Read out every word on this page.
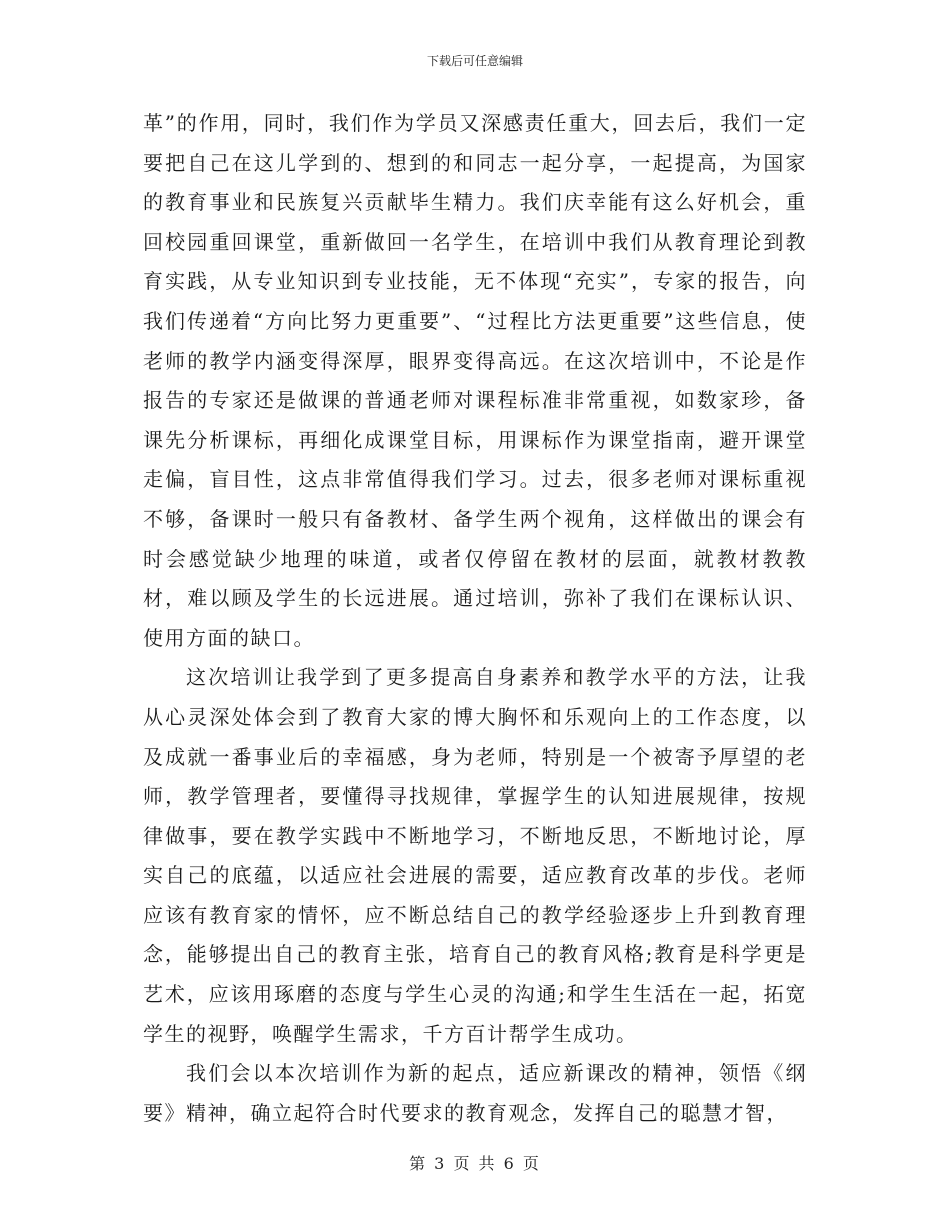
下载后可任意编辑

革”的作用，同时，我们作为学员又深感责任重大，回去后，我们一定要把自己在这儿学到的、想到的和同志一起分享，一起提高，为国家的教育事业和民族复兴贡献毕生精力。我们庆幸能有这么好机会，重回校园重回课堂，重新做回一名学生，在培训中我们从教育理论到教育实践，从专业知识到专业技能，无不体现“充实”，专家的报告，向我们传递着“方向比努力更重要”、“过程比方法更重要”这些信息，使老师的教学内涵变得深厚，眼界变得高远。在这次培训中，不论是作报告的专家还是做课的普通老师对课程标准非常重视，如数家珍，备课先分析课标，再细化成课堂目标，用课标作为课堂指南，避开课堂走偏，盲目性，这点非常值得我们学习。过去，很多老师对课标重视不够，备课时一般只有备教材、备学生两个视角，这样做出的课会有时会感觉缺少地理的味道，或者仅停留在教材的层面，就教材教教材，难以顾及学生的长远进展。通过培训，弥补了我们在课标认识、使用方面的缺口。

这次培训让我学到了更多提高自身素养和教学水平的方法，让我从心灵深处体会到了教育大家的博大胸怀和乐观向上的工作态度，以及成就一番事业后的幸福感，身为老师，特别是一个被寄予厚望的老师，教学管理者，要懂得寻找规律，掌握学生的认知进展规律，按规律做事，要在教学实践中不断地学习，不断地反思，不断地讨论，厚实自己的底蕴，以适应社会进展的需要，适应教育改革的步伐。老师应该有教育家的情怀，应不断总结自己的教学经验逐步上升到教育理念，能够提出自己的教育主张，培育自己的教育风格;教育是科学更是艺术，应该用琢磨的态度与学生心灵的沟通;和学生生活在一起，拓宽学生的视野，唤醒学生需求，千方百计帮学生成功。

我们会以本次培训作为新的起点，适应新课改的精神，领悟《纲要》精神，确立起符合时代要求的教育观念，发挥自己的聪慧才智，

第 3 页 共 6 页
